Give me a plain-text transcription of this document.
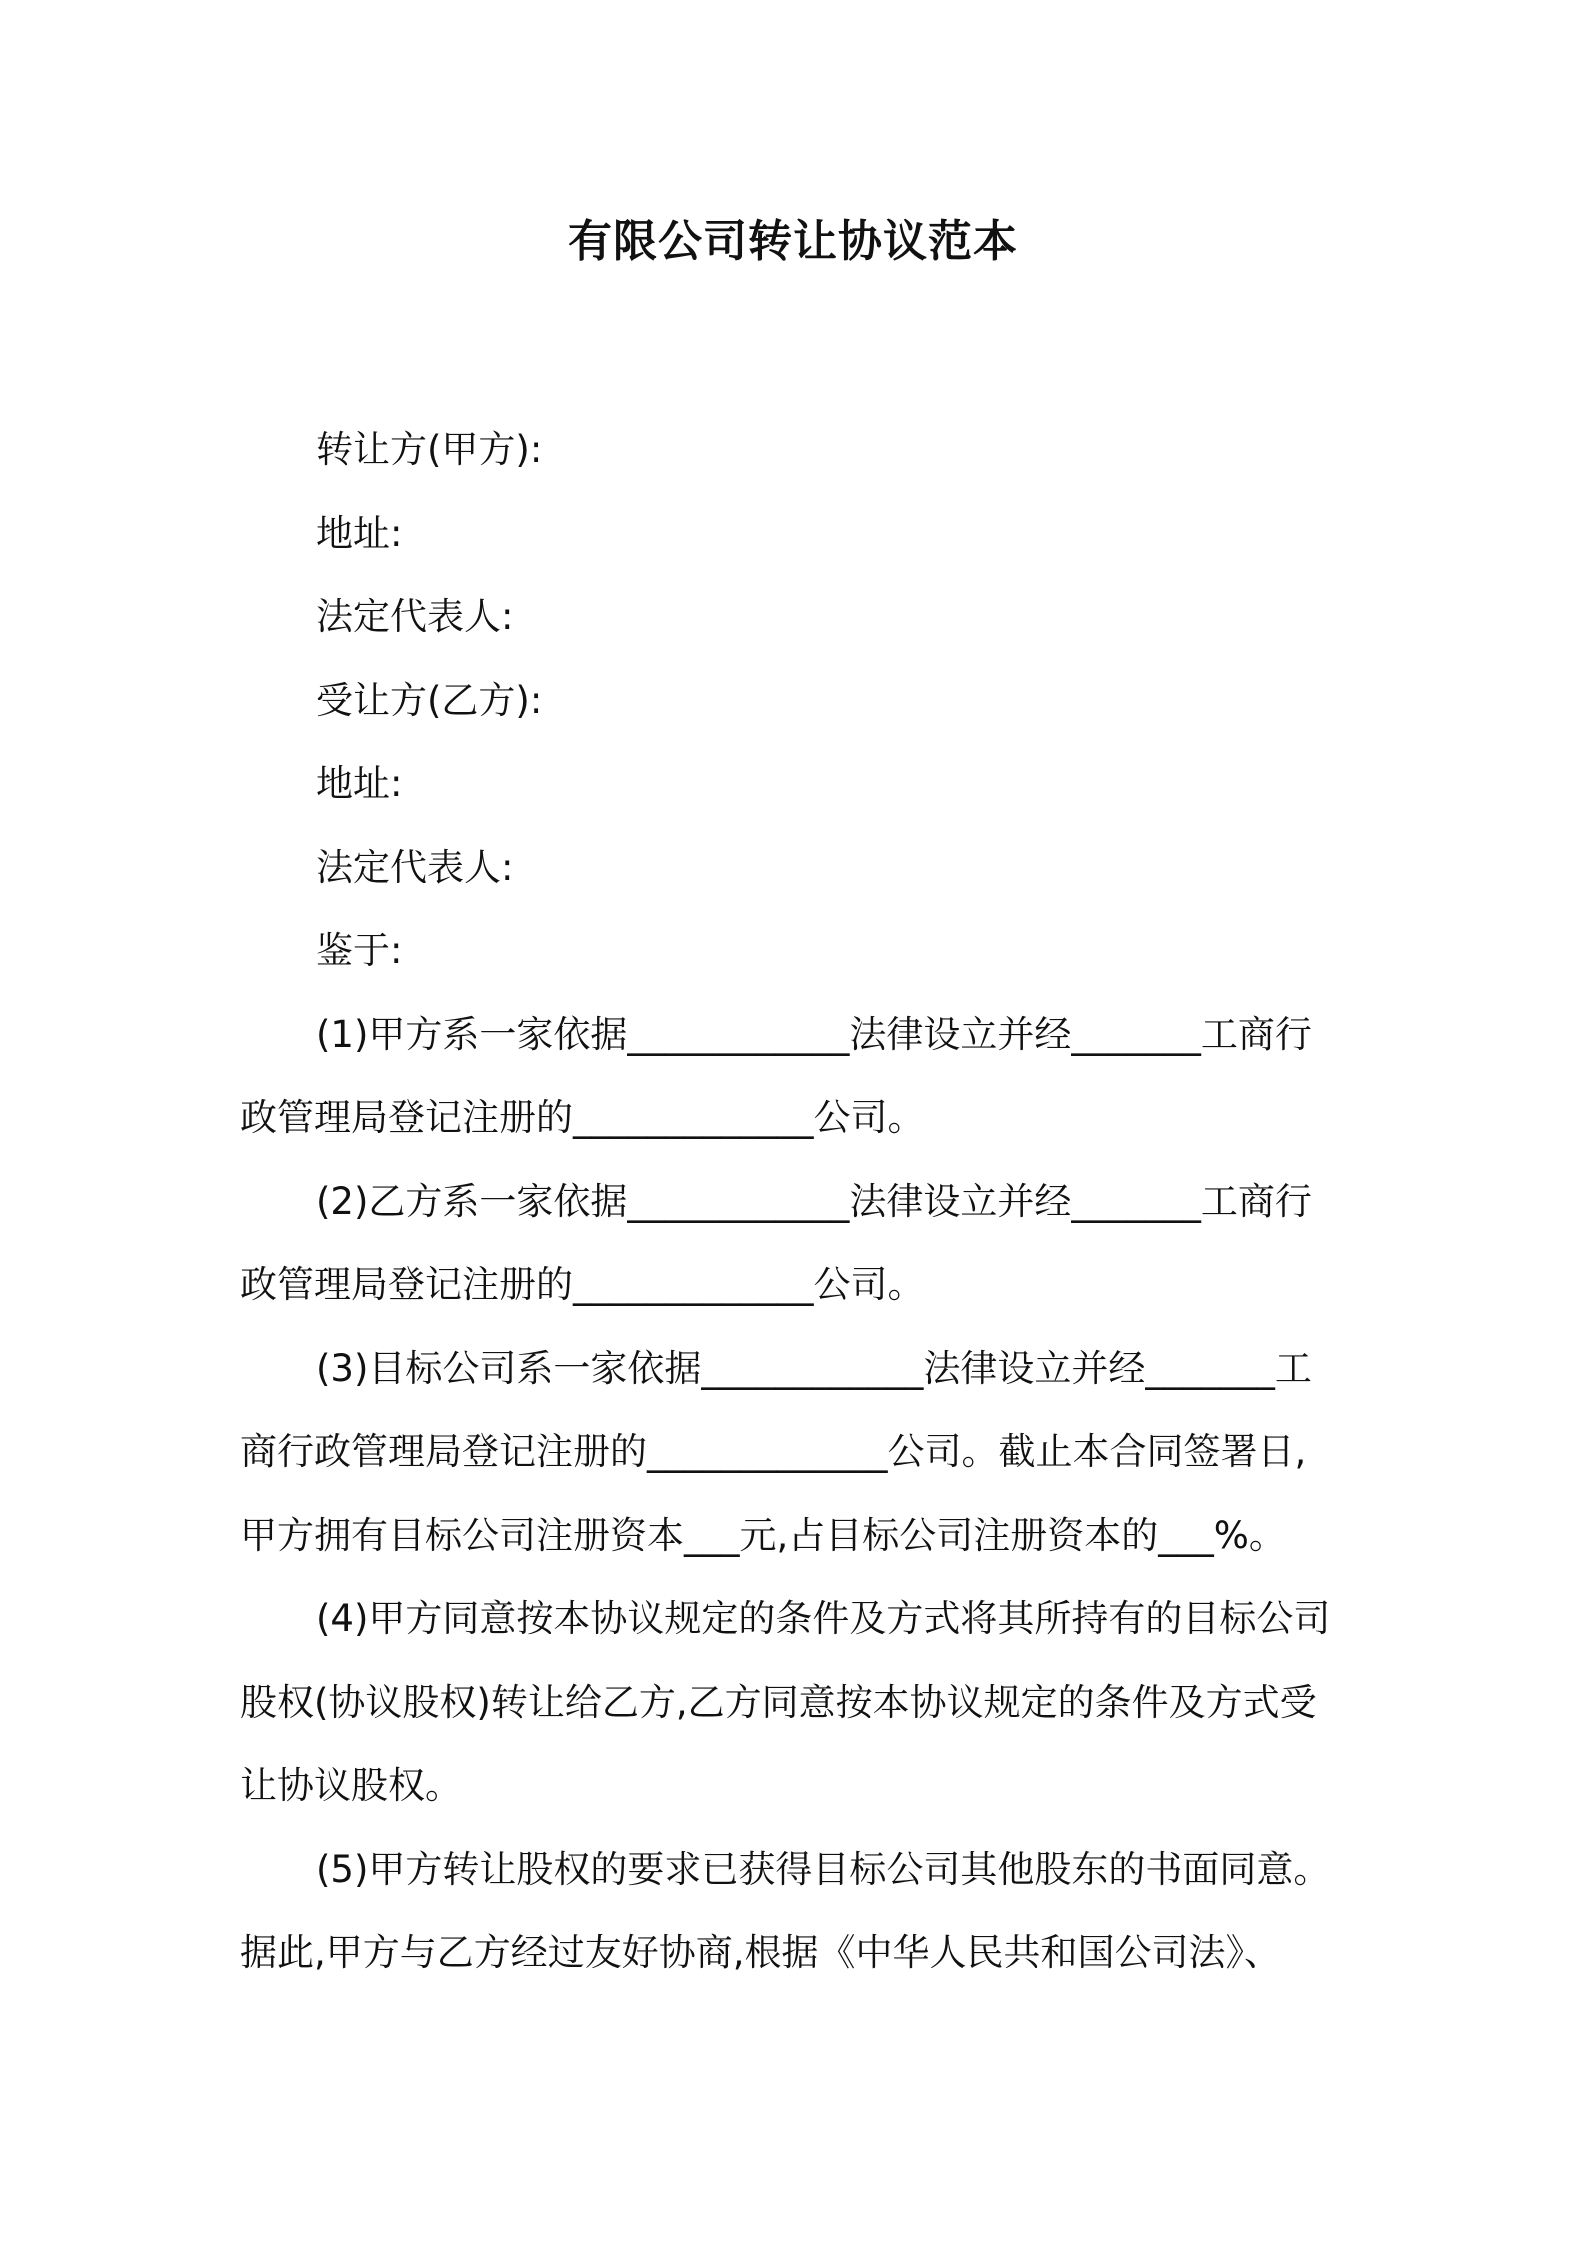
有限公司转让协议范本

转让方(甲方):

地址:

法定代表人:

受让方(乙方):

地址:

法定代表人:

鉴于:

(1)甲方系一家依据____________法律设立并经_______工商行

政管理局登记注册的_____________公司。

(2)乙方系一家依据____________法律设立并经_______工商行

政管理局登记注册的_____________公司。

(3)目标公司系一家依据____________法律设立并经_______工

商行政管理局登记注册的_____________公司。截止本合同签署日,

甲方拥有目标公司注册资本___元,占目标公司注册资本的___%。

(4)甲方同意按本协议规定的条件及方式将其所持有的目标公司

股权(协议股权)转让给乙方,乙方同意按本协议规定的条件及方式受

让协议股权。

(5)甲方转让股权的要求已获得目标公司其他股东的书面同意。

据此,甲方与乙方经过友好协商,根据《中华人民共和国公司法》、
